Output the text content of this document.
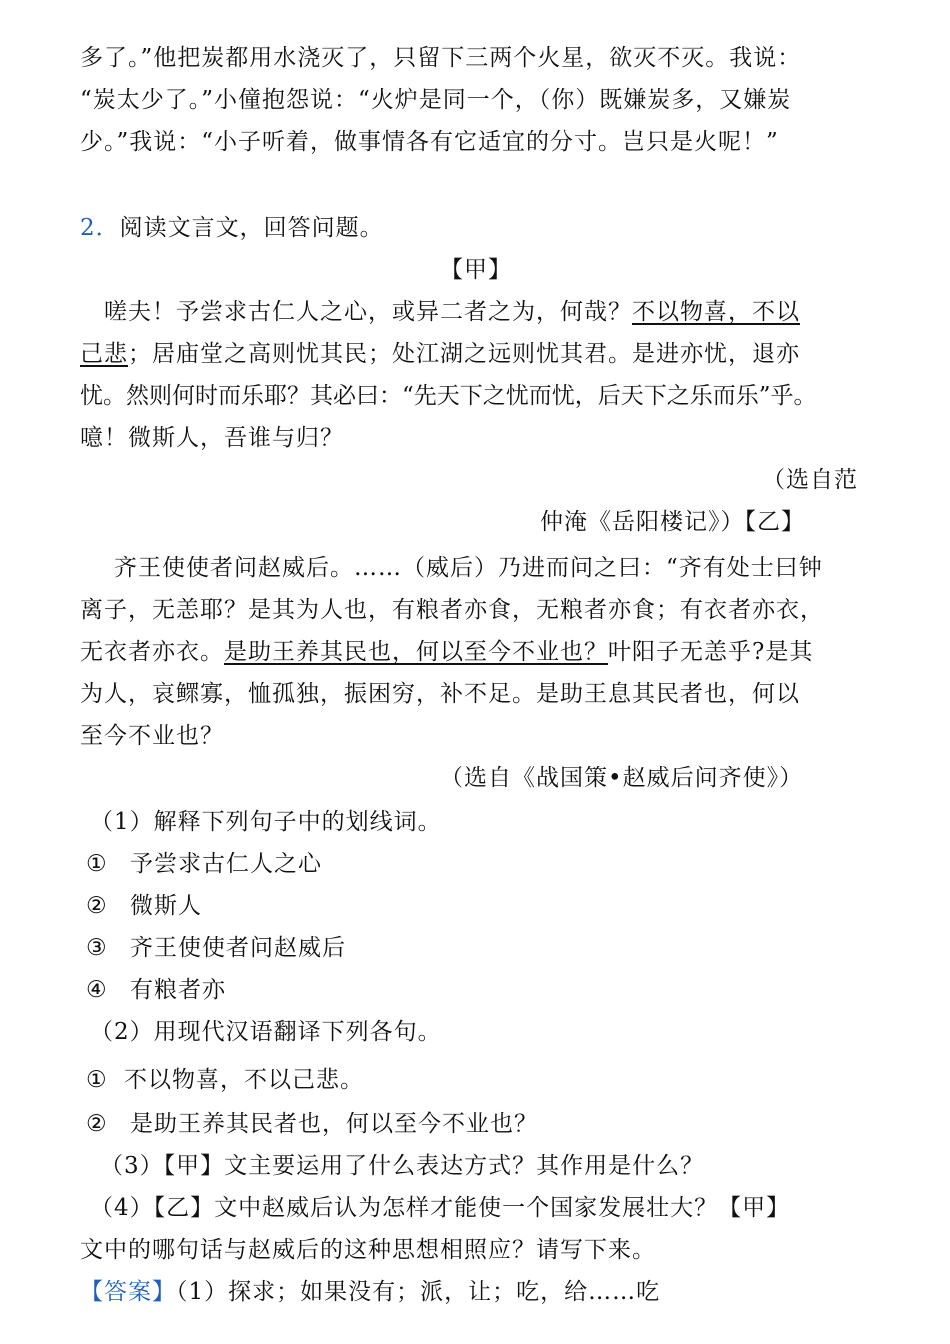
多了。”他把炭都用水浇灭了，只留下三两个火星，欲灭不灭。我说：
“炭太少了。”小僮抱怨说：“火炉是同一个，（你）既嫌炭多，又嫌炭
少。”我说：“小子听着，做事情各有它适宜的分寸。岂只是火呢！”
2．阅读文言文，回答问题。
【甲】
嗟夫！予尝求古仁人之心，或异二者之为，何哉？不以物喜，不以
己悲；居庙堂之高则忧其民；处江湖之远则忧其君。是进亦忧，退亦
忧。然则何时而乐耶？其必曰：“先天下之忧而忧，后天下之乐而乐”乎。
噫！微斯人，吾谁与归？
（选自范
仲淹《岳阳楼记》）【乙】
齐王使使者问赵威后。……（威后）乃进而问之曰：“齐有处士曰钟
离子，无恙耶？是其为人也，有粮者亦食，无粮者亦食；有衣者亦衣，
无衣者亦衣。是助王养其民也，何以至今不业也？叶阳子无恙乎?是其
为人，哀鳏寡，恤孤独，振困穷，补不足。是助王息其民者也，何以
至今不业也？
（选自《战国策•赵威后问齐使》）
（1）解释下列句子中的划线词。
① 予尝求古仁人之心
② 微斯人
③ 齐王使使者问赵威后
④ 有粮者亦
（2）用现代汉语翻译下列各句。
① 不以物喜，不以己悲。
② 是助王养其民者也，何以至今不业也？
（3）【甲】文主要运用了什么表达方式？其作用是什么？
（4）【乙】文中赵威后认为怎样才能使一个国家发展壮大？【甲】
文中的哪句话与赵威后的这种思想相照应？请写下来。
【答案】（1）探求；如果没有；派，让；吃，给……吃
